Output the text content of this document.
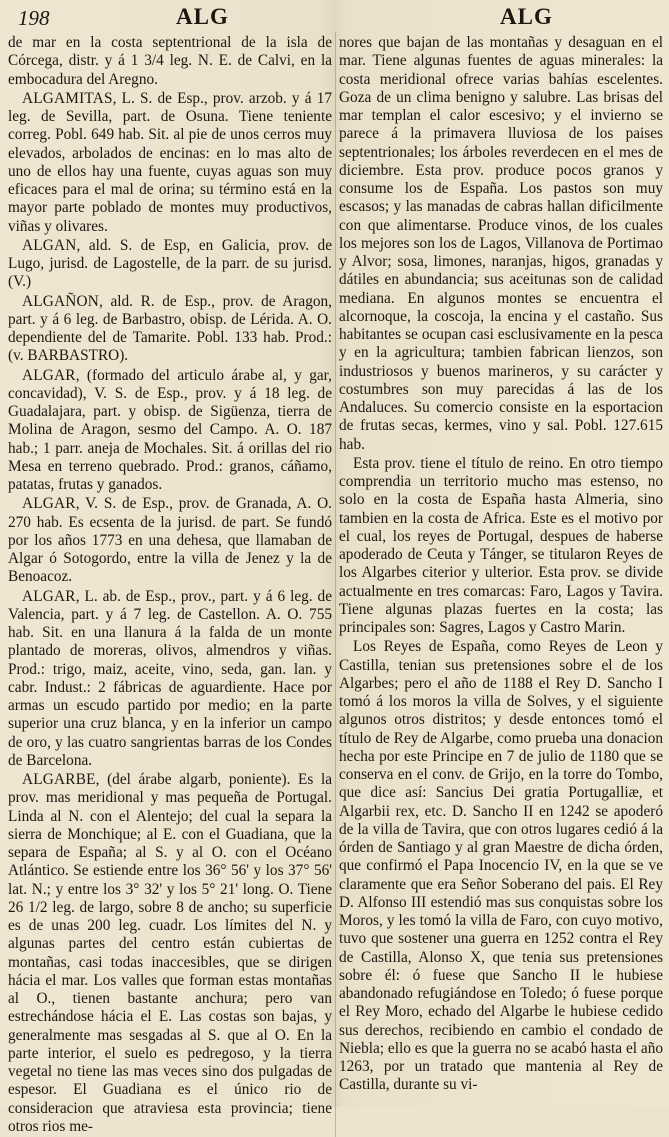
198	ALG	ALG

de mar en la costa septentrional de la isla de Córcega, distr. y á 1 3/4 leg. N. E. de Calvi, en la embocadura del Aregno.

ALGAMITAS, L. S. de Esp., prov. arzob. y á 17 leg. de Sevilla, part. de Osuna. Tiene teniente correg. Pobl. 649 hab. Sit. al pie de unos cerros muy elevados, arbolados de encinas: en lo mas alto de uno de ellos hay una fuente, cuyas aguas son muy eficaces para el mal de orina; su término está en la mayor parte poblado de montes muy productivos, viñas y olivares.

ALGAN, ald. S. de Esp, en Galicia, prov. de Lugo, jurisd. de Lagostelle, de la parr. de su jurisd. (V.)

ALGAÑON, ald. R. de Esp., prov. de Aragon, part. y á 6 leg. de Barbastro, obisp. de Lérida. A. O. dependiente del de Tamarite. Pobl. 133 hab. Prod.: (v. BARBASTRO).

ALGAR, (formado del articulo árabe al, y gar, concavidad), V. S. de Esp., prov. y á 18 leg. de Guadalajara, part. y obisp. de Sigüenza, tierra de Molina de Aragon, sesmo del Campo. A. O. 187 hab.; 1 parr. aneja de Mochales. Sit. á orillas del rio Mesa en terreno quebrado. Prod.: granos, cáñamo, patatas, frutas y ganados.

ALGAR, V. S. de Esp., prov. de Granada, A. O. 270 hab. Es ecsenta de la jurisd. de part. Se fundó por los años 1773 en una dehesa, que llamaban de Algar ó Sotogordo, entre la villa de Jenez y la de Benoacoz.

ALGAR, L. ab. de Esp., prov., part. y á 6 leg. de Valencia, part. y á 7 leg. de Castellon. A. O. 755 hab. Sit. en una llanura á la falda de un monte plantado de moreras, olivos, almendros y viñas. Prod.: trigo, maiz, aceite, vino, seda, gan. lan. y cabr. Indust.: 2 fábricas de aguardiente. Hace por armas un escudo partido por medio; en la parte superior una cruz blanca, y en la inferior un campo de oro, y las cuatro sangrientas barras de los Condes de Barcelona.

ALGARBE, (del árabe algarb, poniente). Es la prov. mas meridional y mas pequeña de Portugal. Linda al N. con el Alentejo; del cual la separa la sierra de Monchique; al E. con el Guadiana, que la separa de España; al S. y al O. con el Océano Atlántico. Se estiende entre los 36° 56' y los 37° 56' lat. N.; y entre los 3° 32' y los 5° 21' long. O. Tiene 26 1/2 leg. de largo, sobre 8 de ancho; su superficie es de unas 200 leg. cuadr. Los límites del N. y algunas partes del centro están cubiertas de montañas, casi todas inaccesibles, que se dirigen hácia el mar. Los valles que forman estas montañas al O., tienen bastante anchura; pero van estrechándose hácia el E. Las costas son bajas, y generalmente mas sesgadas al S. que al O. En la parte interior, el suelo es pedregoso, y la tierra vegetal no tiene las mas veces sino dos pulgadas de espesor. El Guadiana es el único rio de consideracion que atraviesa esta provincia; tiene otros rios me-

nores que bajan de las montañas y desaguan en el mar. Tiene algunas fuentes de aguas minerales: la costa meridional ofrece varias bahías escelentes. Goza de un clima benigno y salubre. Las brisas del mar templan el calor escesivo; y el invierno se parece á la primavera lluviosa de los paises septentrionales; los árboles reverdecen en el mes de diciembre. Esta prov. produce pocos granos y consume los de España. Los pastos son muy escasos; y las manadas de cabras hallan dificilmente con que alimentarse. Produce vinos, de los cuales los mejores son los de Lagos, Villanova de Portimao y Alvor; sosa, limones, naranjas, higos, granadas y dátiles en abundancia; sus aceitunas son de calidad mediana. En algunos montes se encuentra el alcornoque, la coscoja, la encina y el castaño. Sus habitantes se ocupan casi esclusivamente en la pesca y en la agricultura; tambien fabrican lienzos, son industriosos y buenos marineros, y su carácter y costumbres son muy parecidas á las de los Andaluces. Su comercio consiste en la esportacion de frutas secas, kermes, vino y sal. Pobl. 127.615 hab.

Esta prov. tiene el título de reino. En otro tiempo comprendia un territorio mucho mas estenso, no solo en la costa de España hasta Almeria, sino tambien en la costa de Africa. Este es el motivo por el cual, los reyes de Portugal, despues de haberse apoderado de Ceuta y Tánger, se titularon Reyes de los Algarbes citerior y ulterior. Esta prov. se divide actualmente en tres comarcas: Faro, Lagos y Tavira. Tiene algunas plazas fuertes en la costa; las principales son: Sagres, Lagos y Castro Marin.

Los Reyes de España, como Reyes de Leon y Castilla, tenian sus pretensiones sobre el de los Algarbes; pero el año de 1188 el Rey D. Sancho I tomó á los moros la villa de Solves, y el siguiente algunos otros distritos; y desde entonces tomó el título de Rey de Algarbe, como prueba una donacion hecha por este Principe en 7 de julio de 1180 que se conserva en el conv. de Grijo, en la torre do Tombo, que dice así: Sancius Dei gratia Portugalliæ, et Algarbii rex, etc. D. Sancho II en 1242 se apoderó de la villa de Tavira, que con otros lugares cedió á la órden de Santiago y al gran Maestre de dicha órden, que confirmó el Papa Inocencio IV, en la que se ve claramente que era Señor Soberano del pais. El Rey D. Alfonso III estendió mas sus conquistas sobre los Moros, y les tomó la villa de Faro, con cuyo motivo, tuvo que sostener una guerra en 1252 contra el Rey de Castilla, Alonso X, que tenia sus pretensiones sobre él: ó fuese que Sancho II le hubiese abandonado refugiándose en Toledo; ó fuese porque el Rey Moro, echado del Algarbe le hubiese cedido sus derechos, recibiendo en cambio el condado de Niebla; ello es que la guerra no se acabó hasta el año 1263, por un tratado que mantenia al Rey de Castilla, durante su vi-
